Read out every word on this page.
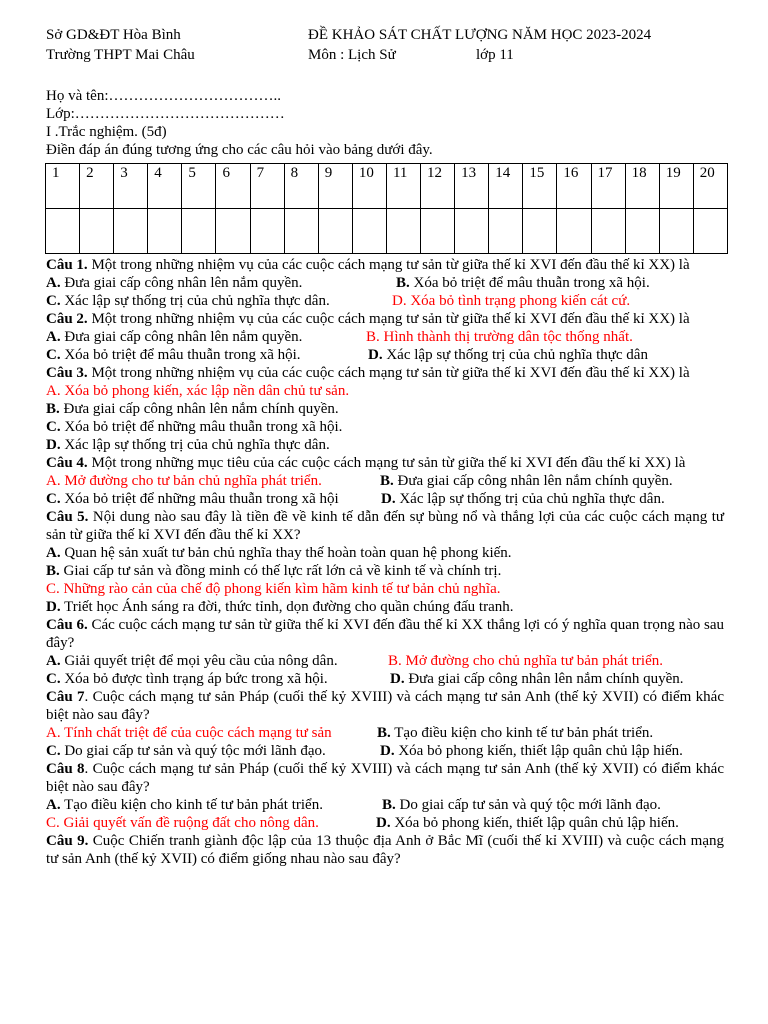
Sở GD&ĐT Hòa Bình	ĐỀ KHẢO SÁT CHẤT LƯỢNG NĂM HỌC 2023-2024
Trường THPT Mai Châu	Môn : Lịch Sử	lớp 11
Họ và tên:……………………………..
Lớp:……………………………………
I .Trắc nghiệm. (5đ)
Điền đáp án đúng tương ứng cho các câu hỏi vào bảng dưới đây.
1	2	3	4	5	6	7	8	9	10	11	12	13	14	15	16	17	18	19	20

Câu 1. Một trong những nhiệm vụ của các cuộc cách mạng tư sản từ giữa thế kỉ XVI đến đầu thế kỉ XX) là

A. Đưa giai cấp công nhân lên nắm quyền.	B. Xóa bỏ triệt để mâu thuẫn trong xã hội.
C. Xác lập sự thống trị của chủ nghĩa thực dân.	D. Xóa bỏ tình trạng phong kiến cát cứ.

Câu 2. Một trong những nhiệm vụ của các cuộc cách mạng tư sản từ giữa thế kỉ XVI đến đầu thế kỉ XX) là

A. Đưa giai cấp công nhân lên nắm quyền.	B. Hình thành thị trường dân tộc thống nhất.
C. Xóa bỏ triệt để mâu thuẫn trong xã hội.	D. Xác lập sự thống trị của chủ nghĩa thực dân

Câu 3. Một trong những nhiệm vụ của các cuộc cách mạng tư sản từ giữa thế kỉ XVI đến đầu thế kỉ XX) là

A. Xóa bỏ phong kiến, xác lập nền dân chủ tư sản.
B. Đưa giai cấp công nhân lên nắm chính quyền.
C. Xóa bỏ triệt để những mâu thuẫn trong xã hội.
D. Xác lập sự thống trị của chủ nghĩa thực dân.

Câu 4. Một trong những mục tiêu của các cuộc cách mạng tư sản từ giữa thế kỉ XVI đến đầu thế kỉ XX) là

A. Mở đường cho tư bản chủ nghĩa phát triển.	B. Đưa giai cấp công nhân lên nắm chính quyền.
C. Xóa bỏ triệt để những mâu thuẫn trong xã hội	D. Xác lập sự thống trị của chủ nghĩa thực dân.

Câu 5. Nội dung nào sau đây là tiền đề về kinh tế dẫn đến sự bùng nổ và thắng lợi của các cuộc cách mạng tư sản từ giữa thế kỉ XVI đến đầu thế kỉ XX?

A. Quan hệ sản xuất tư bản chủ nghĩa thay thế hoàn toàn quan hệ phong kiến.
B. Giai cấp tư sản và đồng minh có thế lực rất lớn cả về kinh tế và chính trị.
C. Những rào cản của chế độ phong kiến kìm hãm kinh tế tư bản chủ nghĩa.
D. Triết học Ánh sáng ra đời, thức tỉnh, dọn đường cho quần chúng đấu tranh.

Câu 6. Các cuộc cách mạng tư sản từ giữa thế kỉ XVI đến đầu thế kỉ XX thắng lợi có ý nghĩa quan trọng nào sau đây?

A. Giải quyết triệt để mọi yêu cầu của nông dân.	B. Mở đường cho chủ nghĩa tư bản phát triển.
C. Xóa bỏ được tình trạng áp bức trong xã hội.	D. Đưa giai cấp công nhân lên nắm chính quyền.

Câu 7. Cuộc cách mạng tư sản Pháp (cuối thế kỷ XVIII) và cách mạng tư sản Anh (thế kỷ XVII) có điểm khác biệt nào sau đây?

A. Tính chất triệt để của cuộc cách mạng tư sản	B. Tạo điều kiện cho kinh tế tư bản phát triển.
C. Do giai cấp tư sản và quý tộc mới lãnh đạo.	D. Xóa bỏ phong kiến, thiết lập quân chủ lập hiến.

Câu 8. Cuộc cách mạng tư sản Pháp (cuối thế kỷ XVIII) và cách mạng tư sản Anh (thế kỷ XVII) có điểm khác biệt nào sau đây?

A. Tạo điều kiện cho kinh tế tư bản phát triển.	B. Do giai cấp tư sản và quý tộc mới lãnh đạo.
C. Giải quyết vấn đề ruộng đất cho nông dân.	D. Xóa bỏ phong kiến, thiết lập quân chủ lập hiến.

Câu 9. Cuộc Chiến tranh giành độc lập của 13 thuộc địa Anh ở Bắc Mĩ (cuối thế kỉ XVIII) và cuộc cách mạng tư sản Anh (thế kỷ XVII) có điểm giống nhau nào sau đây?
